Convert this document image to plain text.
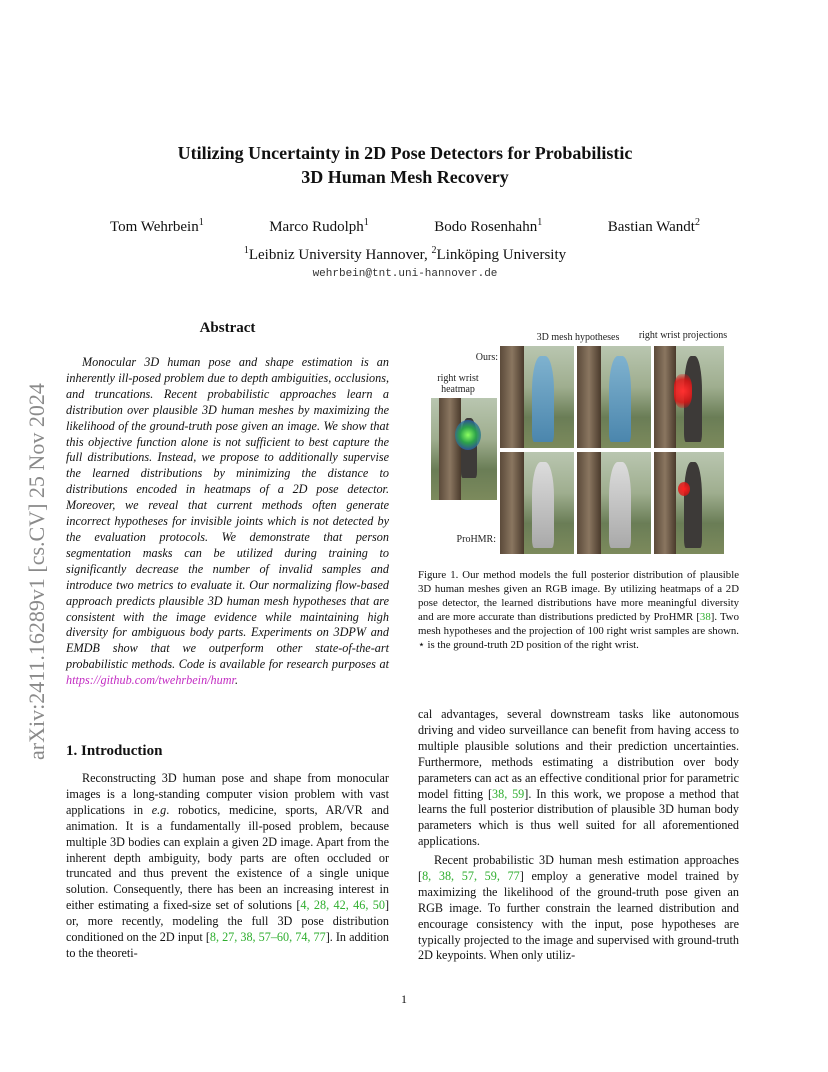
arXiv:2411.16289v1 [cs.CV] 25 Nov 2024
Utilizing Uncertainty in 2D Pose Detectors for Probabilistic
3D Human Mesh Recovery
Tom Wehrbein$^1$	Marco Rudolph$^1$	Bodo Rosenhahn$^1$	Bastian Wandt$^2$
$^1$Leibniz University Hannover, $^2$Linköping University
wehrbein@tnt.uni-hannover.de
Abstract
Monocular 3D human pose and shape estimation is an inherently ill-posed problem due to depth ambiguities, occlusions, and truncations. Recent probabilistic approaches learn a distribution over plausible 3D human meshes by maximizing the likelihood of the ground-truth pose given an image. We show that this objective function alone is not sufficient to best capture the full distributions. Instead, we propose to additionally supervise the learned distributions by minimizing the distance to distributions encoded in heatmaps of a 2D pose detector. Moreover, we reveal that current methods often generate incorrect hypotheses for invisible joints which is not detected by the evaluation protocols. We demonstrate that person segmentation masks can be utilized during training to significantly decrease the number of invalid samples and introduce two metrics to evaluate it. Our normalizing flow-based approach predicts plausible 3D human mesh hypotheses that are consistent with the image evidence while maintaining high diversity for ambiguous body parts. Experiments on 3DPW and EMDB show that we outperform other state-of-the-art probabilistic methods. Code is available for research purposes at https://github.com/twehrbein/humr.
1. Introduction
Reconstructing 3D human pose and shape from monocular images is a long-standing computer vision problem with vast applications in e.g. robotics, medicine, sports, AR/VR and animation. It is a fundamentally ill-posed problem, because multiple 3D bodies can explain a given 2D image. Apart from the inherent depth ambiguity, body parts are often occluded or truncated and thus prevent the existence of a single unique solution. Consequently, there has been an increasing interest in either estimating a fixed-size set of solutions [4, 28, 42, 46, 50] or, more recently, modeling the full 3D pose distribution conditioned on the 2D input [8, 27, 38, 57–60, 74, 77]. In addition to the theoreti-
right wrist projections
3D mesh hypotheses
Ours:
right wrist heatmap
ProHMR:
Figure 1. Our method models the full posterior distribution of plausible 3D human meshes given an RGB image. By utilizing heatmaps of a 2D pose detector, the learned distributions have more meaningful diversity and are more accurate than distributions predicted by ProHMR [38]. Two mesh hypotheses and the projection of 100 right wrist samples are shown. ⋆ is the ground-truth 2D position of the right wrist.
cal advantages, several downstream tasks like autonomous driving and video surveillance can benefit from having access to multiple plausible solutions and their prediction uncertainties. Furthermore, methods estimating a distribution over body parameters can act as an effective conditional prior for parametric model fitting [38, 59]. In this work, we propose a method that learns the full posterior distribution of plausible 3D human body parameters which is thus well suited for all aforementioned applications.
Recent probabilistic 3D human mesh estimation approaches [8, 38, 57, 59, 77] employ a generative model trained by maximizing the likelihood of the ground-truth pose given an RGB image. To further constrain the learned distribution and encourage consistency with the input, pose hypotheses are typically projected to the image and supervised with ground-truth 2D keypoints. When only utiliz-
1
